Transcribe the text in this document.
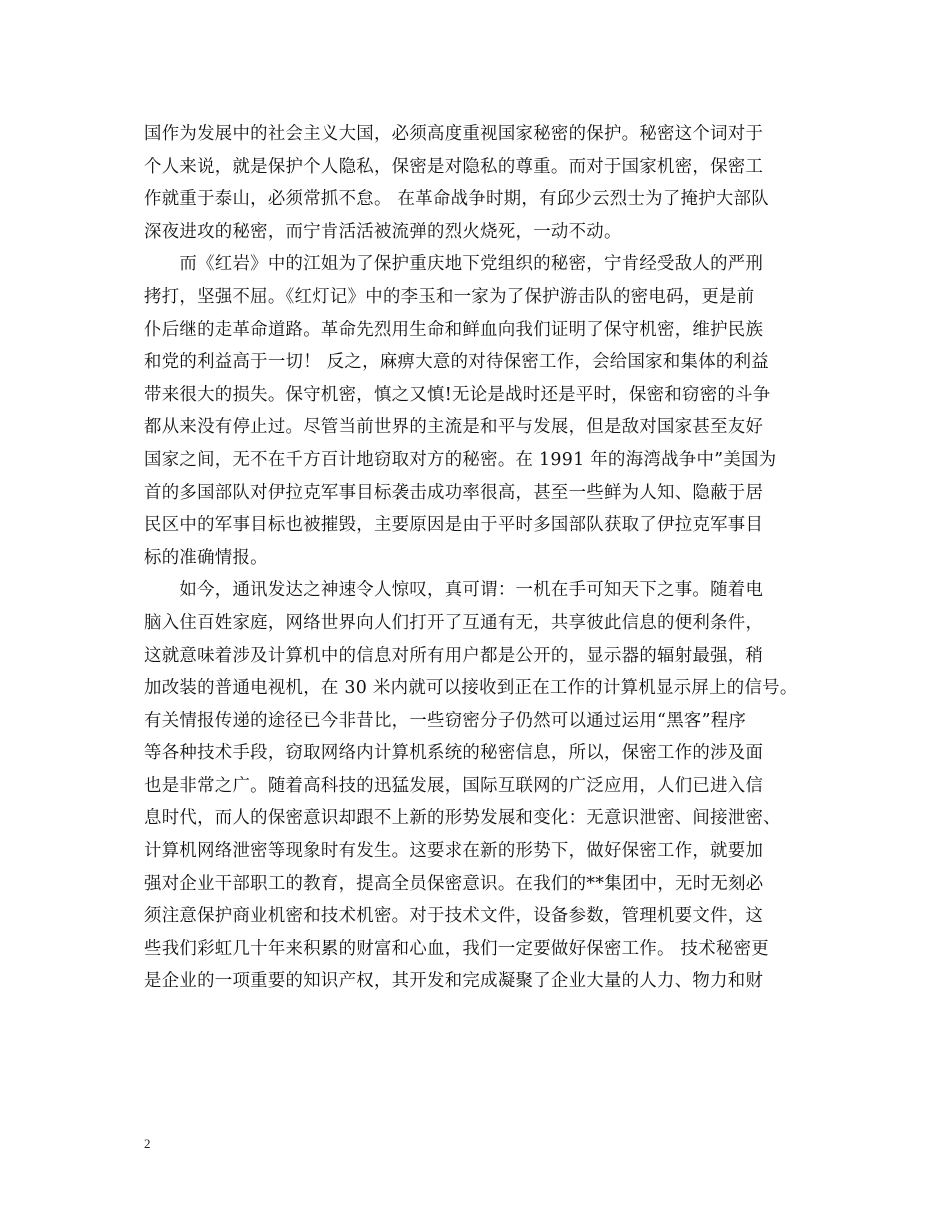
国作为发展中的社会主义大国，必须高度重视国家秘密的保护。秘密这个词对于
个人来说，就是保护个人隐私，保密是对隐私的尊重。而对于国家机密，保密工
作就重于泰山，必须常抓不怠。 在革命战争时期，有邱少云烈士为了掩护大部队
深夜进攻的秘密，而宁肯活活被流弹的烈火烧死，一动不动。
　　而《红岩》中的江姐为了保护重庆地下党组织的秘密，宁肯经受敌人的严刑
拷打，坚强不屈。《红灯记》中的李玉和一家为了保护游击队的密电码，更是前
仆后继的走革命道路。革命先烈用生命和鲜血向我们证明了保守机密，维护民族
和党的利益高于一切！ 反之，麻痹大意的对待保密工作，会给国家和集体的利益
带来很大的损失。保守机密，慎之又慎!无论是战时还是平时，保密和窃密的斗争
都从来没有停止过。尽管当前世界的主流是和平与发展，但是敌对国家甚至友好
国家之间，无不在千方百计地窃取对方的秘密。在 1991 年的海湾战争中”美国为
首的多国部队对伊拉克军事目标袭击成功率很高，甚至一些鲜为人知、隐蔽于居
民区中的军事目标也被摧毁，主要原因是由于平时多国部队获取了伊拉克军事目
标的准确情报。
　　如今，通讯发达之神速令人惊叹，真可谓：一机在手可知天下之事。随着电
脑入住百姓家庭，网络世界向人们打开了互通有无，共享彼此信息的便利条件，
这就意味着涉及计算机中的信息对所有用户都是公开的，显示器的辐射最强，稍
加改装的普通电视机，在 30 米内就可以接收到正在工作的计算机显示屏上的信号。
有关情报传递的途径已今非昔比，一些窃密分子仍然可以通过运用“黑客”程序
等各种技术手段，窃取网络内计算机系统的秘密信息，所以，保密工作的涉及面
也是非常之广。随着高科技的迅猛发展，国际互联网的广泛应用，人们已进入信
息时代，而人的保密意识却跟不上新的形势发展和变化：无意识泄密、间接泄密、
计算机网络泄密等现象时有发生。这要求在新的形势下，做好保密工作，就要加
强对企业干部职工的教育，提高全员保密意识。在我们的**集团中，无时无刻必
须注意保护商业机密和技术机密。对于技术文件，设备参数，管理机要文件，这
些我们彩虹几十年来积累的财富和心血，我们一定要做好保密工作。 技术秘密更
是企业的一项重要的知识产权，其开发和完成凝聚了企业大量的人力、物力和财
2
